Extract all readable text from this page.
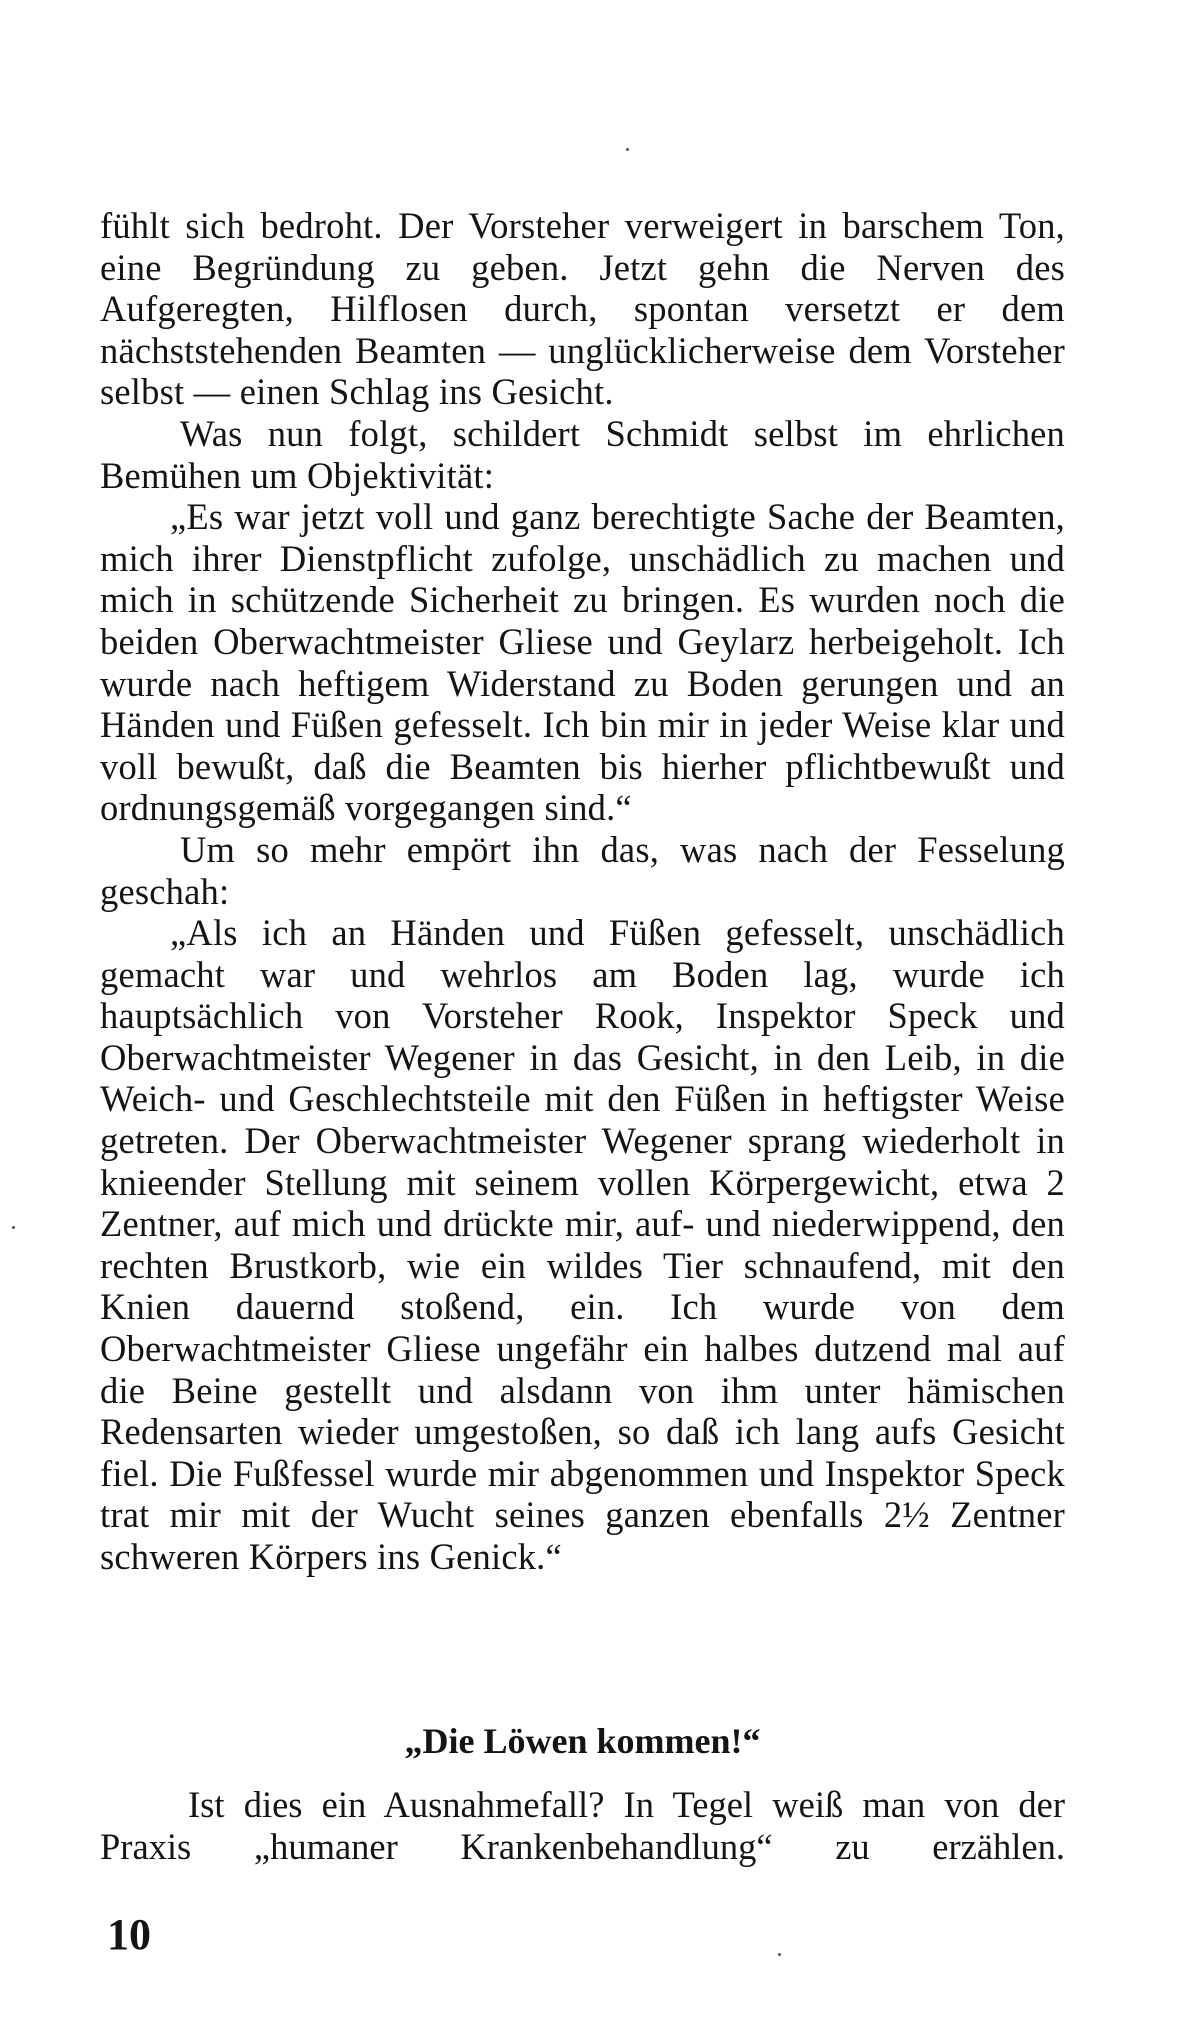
fühlt sich bedroht. Der Vorsteher verweigert in barschem Ton, eine Begründung zu geben. Jetzt gehn die Nerven des Aufgeregten, Hilflosen durch, spontan versetzt er dem nächststehenden Beamten — unglücklicherweise dem Vorsteher selbst — einen Schlag ins Gesicht.

Was nun folgt, schildert Schmidt selbst im ehrlichen Bemühen um Objektivität:

„Es war jetzt voll und ganz berechtigte Sache der Beamten, mich ihrer Dienstpflicht zufolge, unschädlich zu machen und mich in schützende Sicherheit zu bringen. Es wurden noch die beiden Oberwachtmeister Gliese und Geylarz herbeigeholt. Ich wurde nach heftigem Widerstand zu Boden gerungen und an Händen und Füßen gefesselt. Ich bin mir in jeder Weise klar und voll bewußt, daß die Beamten bis hierher pflichtbewußt und ordnungsgemäß vorgegangen sind.“

Um so mehr empört ihn das, was nach der Fesselung geschah:

„Als ich an Händen und Füßen gefesselt, unschädlich gemacht war und wehrlos am Boden lag, wurde ich hauptsächlich von Vorsteher Rook, Inspektor Speck und Oberwachtmeister Wegener in das Gesicht, in den Leib, in die Weich- und Geschlechtsteile mit den Füßen in heftigster Weise getreten. Der Oberwachtmeister Wegener sprang wiederholt in knieender Stellung mit seinem vollen Körpergewicht, etwa 2 Zentner, auf mich und drückte mir, auf- und niederwippend, den rechten Brustkorb, wie ein wildes Tier schnaufend, mit den Knien dauernd stoßend, ein. Ich wurde von dem Oberwachtmeister Gliese ungefähr ein halbes dutzend mal auf die Beine gestellt und alsdann von ihm unter hämischen Redensarten wieder umgestoßen, so daß ich lang aufs Gesicht fiel. Die Fußfessel wurde mir abgenommen und Inspektor Speck trat mir mit der Wucht seines ganzen ebenfalls 2½ Zentner schweren Körpers ins Genick.“

„Die Löwen kommen!“

Ist dies ein Ausnahmefall? In Tegel weiß man von der Praxis „humaner Krankenbehandlung“ zu erzählen.

10
